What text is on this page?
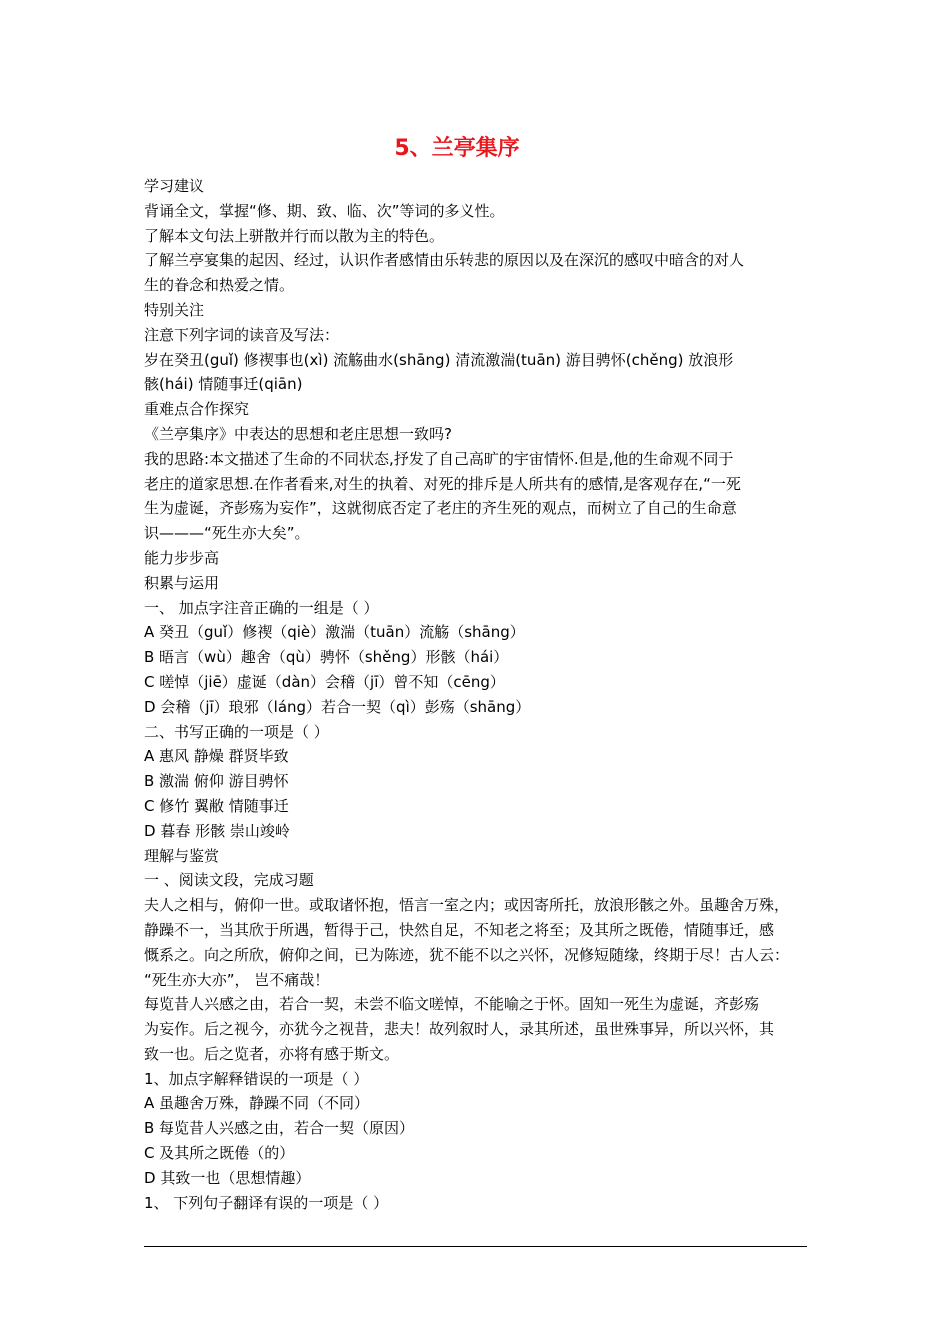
5、兰亭集序
学习建议
背诵全文，掌握“修、期、致、临、次”等词的多义性。
了解本文句法上骈散并行而以散为主的特色。
了解兰亭宴集的起因、经过，认识作者感情由乐转悲的原因以及在深沉的感叹中暗含的对人
生的眷念和热爱之情。
特别关注
注意下列字词的读音及写法：
岁在癸丑(guǐ) 修禊事也(xì) 流觞曲水(shāng) 清流激湍(tuān) 游目骋怀(chěng) 放浪形
骸(hái) 情随事迁(qiān)
重难点合作探究
《兰亭集序》中表达的思想和老庄思想一致吗?
我的思路:本文描述了生命的不同状态,抒发了自己高旷的宇宙情怀.但是,他的生命观不同于
老庄的道家思想.在作者看来,对生的执着、对死的排斥是人所共有的感情,是客观存在,“一死
生为虚诞，齐彭殇为妄作”，这就彻底否定了老庄的齐生死的观点，而树立了自己的生命意
识———“死生亦大矣”。
能力步步高
积累与运用
一、 加点字注音正确的一组是（ ）
A 癸丑（guǐ）修禊（qiè）激湍（tuān）流觞（shāng）
B 晤言（wù）趣舍（qù）骋怀（shěng）形骸（hái）
C 嗟悼（jiē）虚诞（dàn）会稽（jī）曾不知（cēng）
D 会稽（jī）琅邪（láng）若合一契（qì）彭殇（shāng）
二、书写正确的一项是（ ）
A 惠风 静燥 群贤毕致
B 激湍 俯仰 游目骋怀
C 修竹 翼敝 情随事迁
D 暮春 形骸 崇山竣岭
理解与鉴赏
一 、阅读文段，完成习题
夫人之相与，俯仰一世。或取诸怀抱，悟言一室之内；或因寄所托，放浪形骸之外。虽趣舍万殊，
静躁不一，当其欣于所遇，暂得于己，快然自足，不知老之将至；及其所之既倦，情随事迁，感
慨系之。向之所欣，俯仰之间，已为陈迹，犹不能不以之兴怀，况修短随缘，终期于尽！古人云：
“死生亦大亦”， 岂不痛哉！
每览昔人兴感之由，若合一契，未尝不临文嗟悼，不能喻之于怀。固知一死生为虚诞，齐彭殇
为妄作。后之视今，亦犹今之视昔，悲夫！故列叙时人，录其所述，虽世殊事异，所以兴怀，其
致一也。后之览者，亦将有感于斯文。
1、加点字解释错误的一项是（ ）
A 虽趣舍万殊，静躁不同（不同）
B 每览昔人兴感之由，若合一契（原因）
C 及其所之既倦（的）
D 其致一也（思想情趣）
1、 下列句子翻译有误的一项是（ ）
